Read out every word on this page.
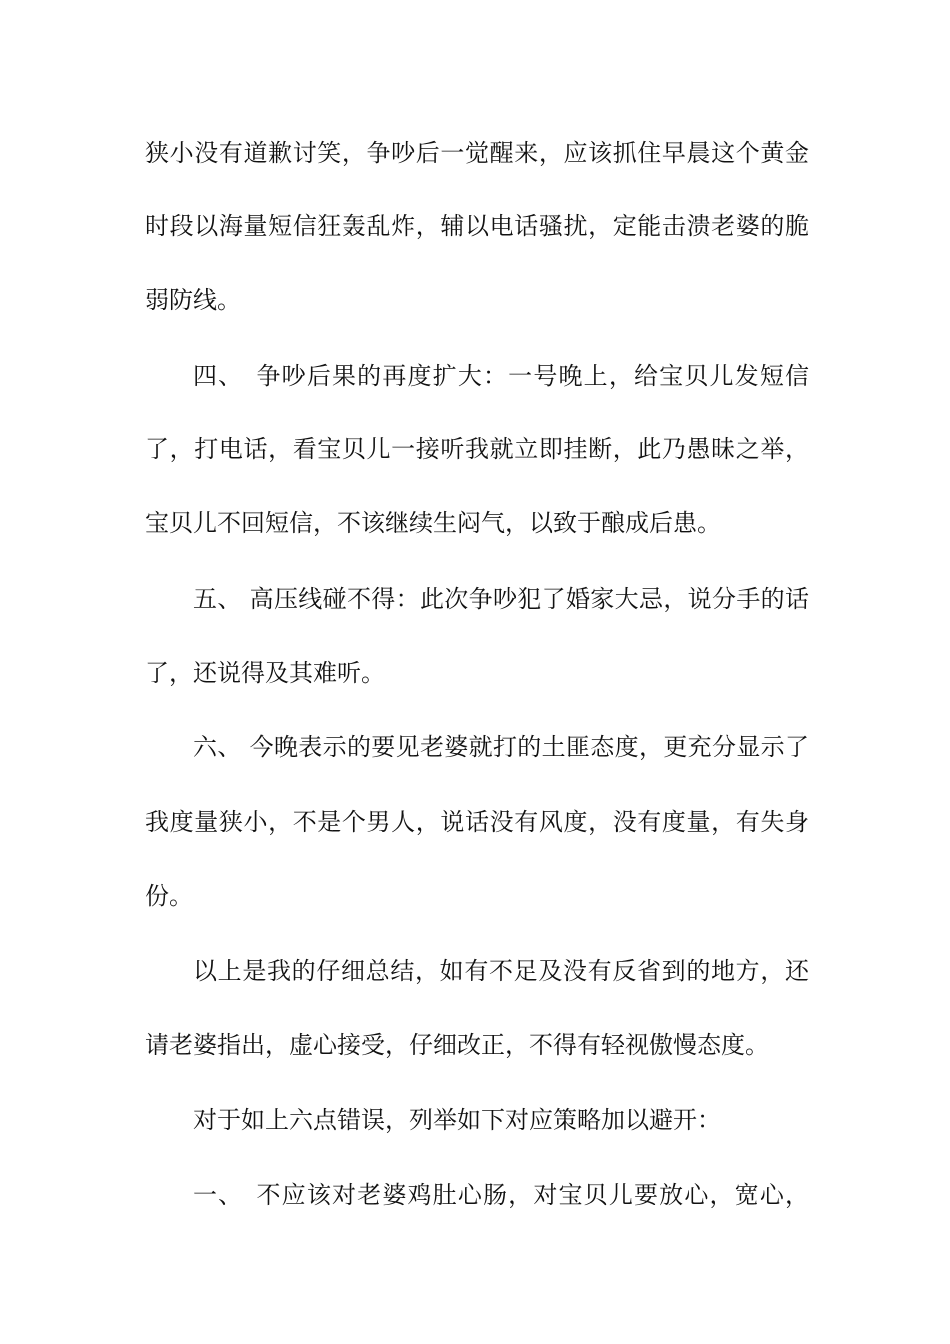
狭小没有道歉讨笑，争吵后一觉醒来，应该抓住早晨这个黄金
时段以海量短信狂轰乱炸，辅以电话骚扰，定能击溃老婆的脆
弱防线。
四、　争吵后果的再度扩大：一号晚上，给宝贝儿发短信
了，打电话，看宝贝儿一接听我就立即挂断，此乃愚昧之举，
宝贝儿不回短信，不该继续生闷气，以致于酿成后患。
五、 高压线碰不得：此次争吵犯了婚家大忌，说分手的话
了，还说得及其难听。
六、 今晚表示的要见老婆就打的土匪态度，更充分显示了
我度量狭小，不是个男人，说话没有风度，没有度量，有失身
份。
以上是我的仔细总结，如有不足及没有反省到的地方，还
请老婆指出，虚心接受，仔细改正，不得有轻视傲慢态度。
对于如上六点错误，列举如下对应策略加以避开：
一、　不应该对老婆鸡肚心肠，对宝贝儿要放心，宽心，
